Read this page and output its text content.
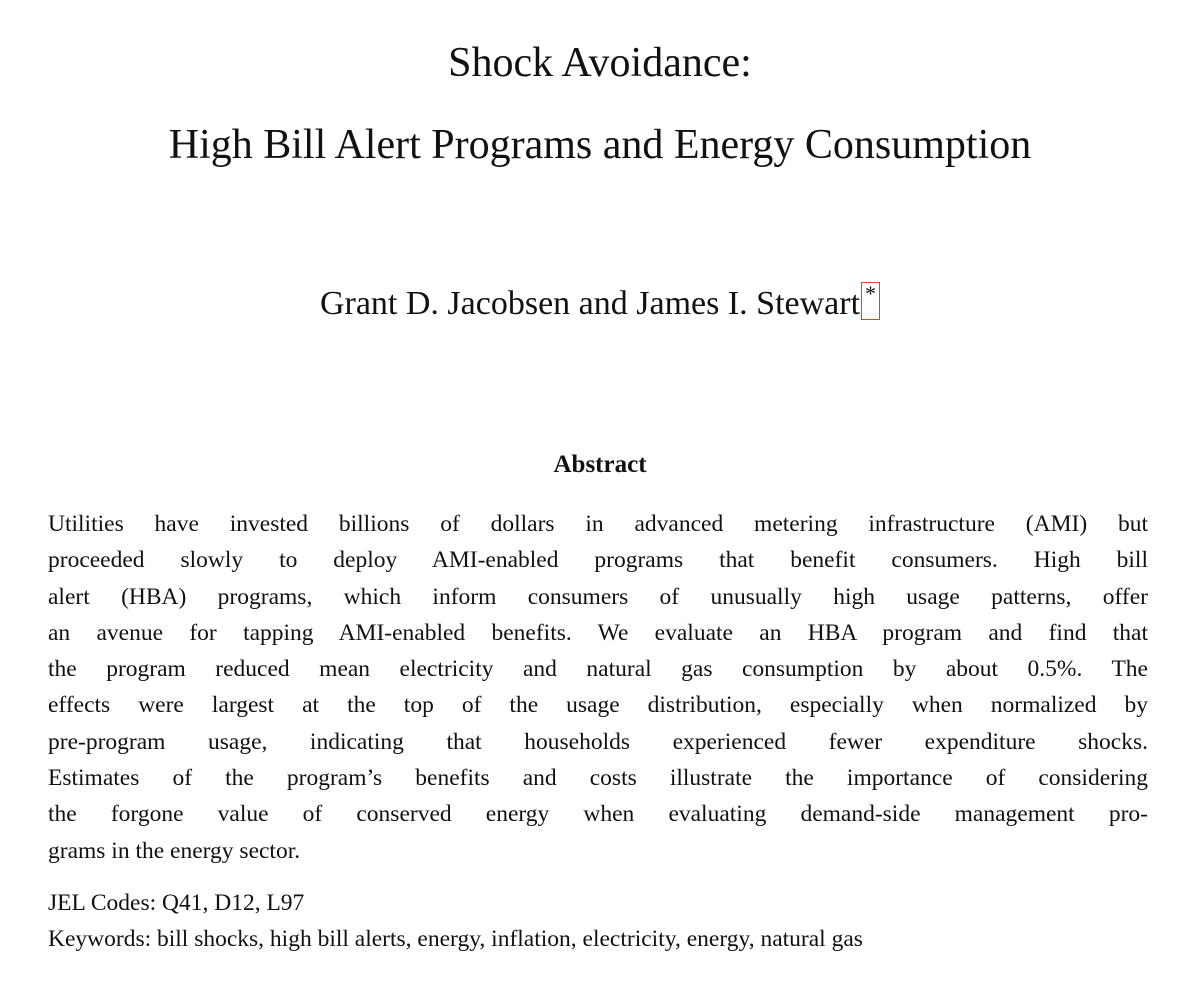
Shock Avoidance:
High Bill Alert Programs and Energy Consumption
Grant D. Jacobsen and James I. Stewart *
Abstract
Utilities have invested billions of dollars in advanced metering infrastructure (AMI) but
proceeded slowly to deploy AMI-enabled programs that benefit consumers. High bill
alert (HBA) programs, which inform consumers of unusually high usage patterns, offer
an avenue for tapping AMI-enabled benefits. We evaluate an HBA program and find that
the program reduced mean electricity and natural gas consumption by about 0.5%. The
effects were largest at the top of the usage distribution, especially when normalized by
pre-program usage, indicating that households experienced fewer expenditure shocks.
Estimates of the program’s benefits and costs illustrate the importance of considering
the forgone value of conserved energy when evaluating demand-side management pro-
grams in the energy sector.
JEL Codes: Q41, D12, L97
Keywords: bill shocks, high bill alerts, energy, inflation, electricity, energy, natural gas
